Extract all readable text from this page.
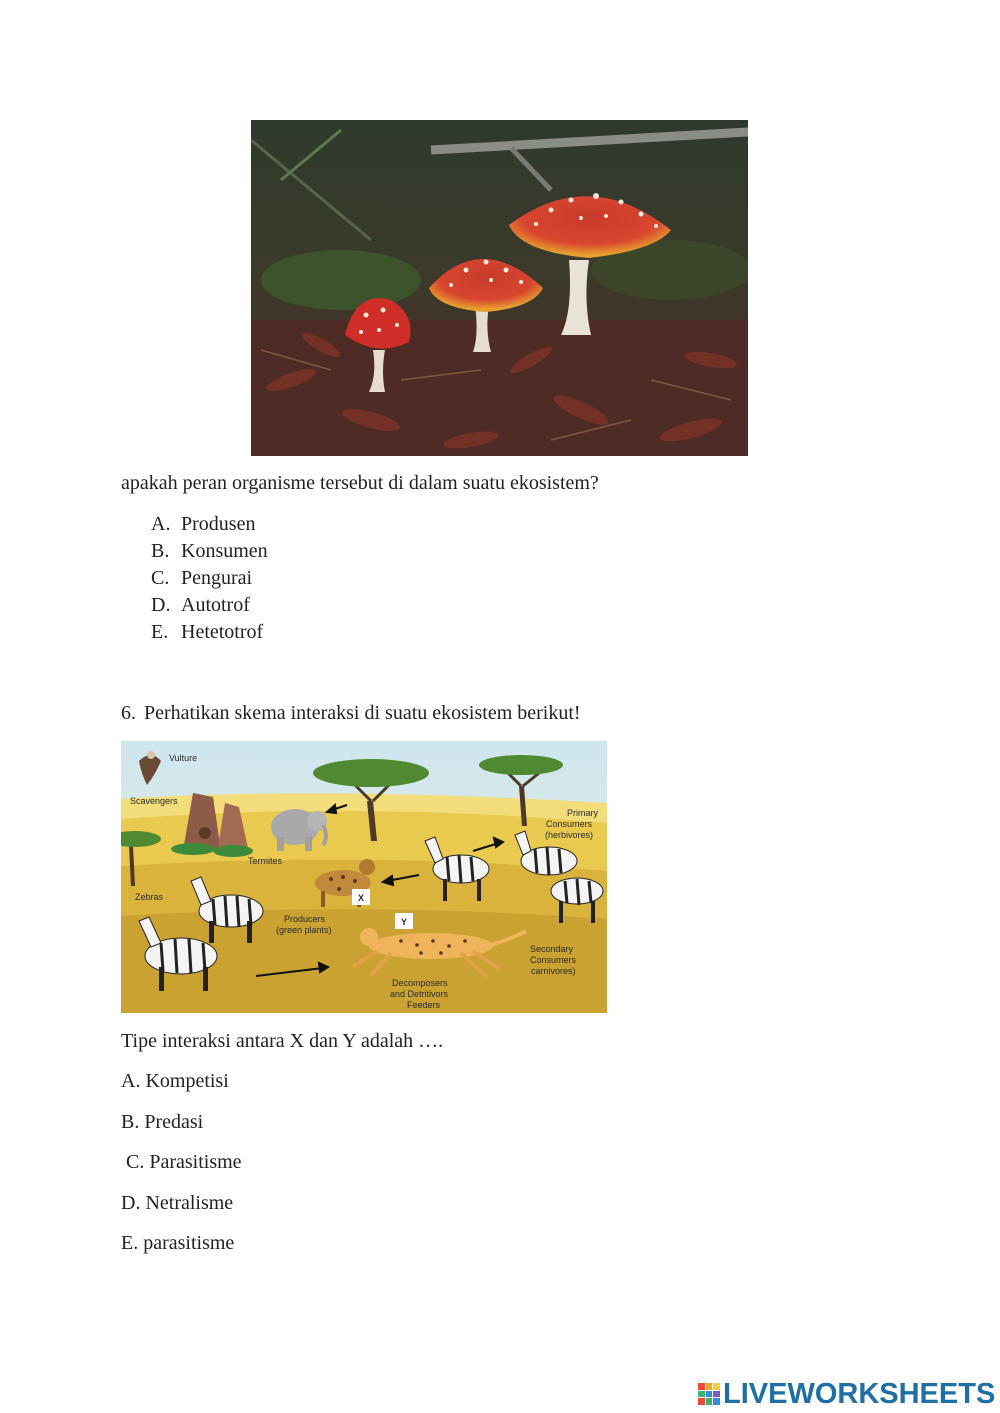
apakah peran organisme tersebut di dalam suatu ekosistem?
A. Produsen
B. Konsumen
C. Pengurai
D. Autotrof
E. Hetetotrof
6. Perhatikan skema interaksi di suatu ekosistem berikut!
X
Y
Vulture
Scavengers
Termites
Zebras
Producers
(green plants)
Primary
Consumers
(herbivores)
Secondary
Consumers
carnivores)
Decomposers
and Detritivors
Feeders
Tipe interaksi antara X dan Y adalah ….
A. Kompetisi
B. Predasi
C. Parasitisme
D. Netralisme
E. parasitisme
LIVEWORKSHEETS
